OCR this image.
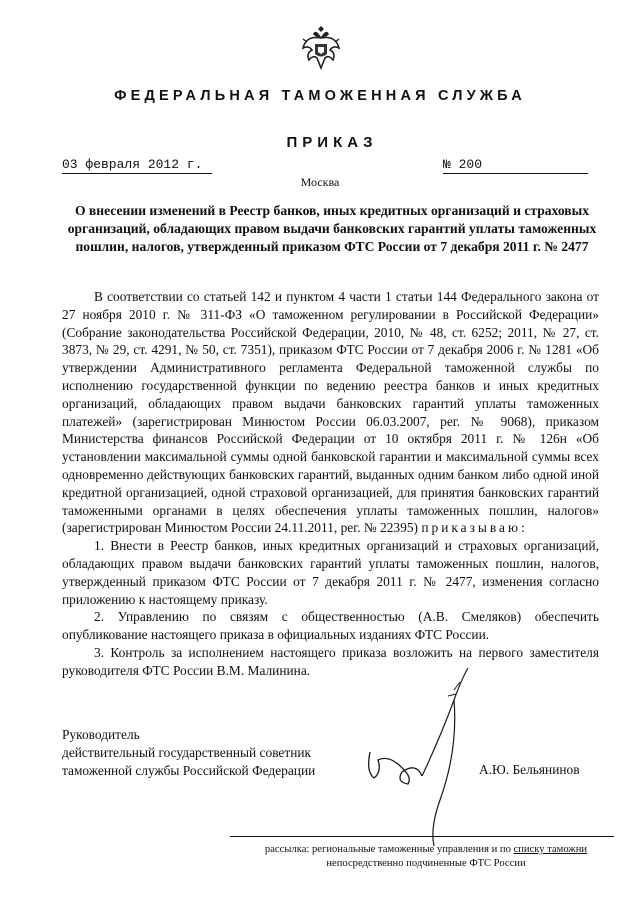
ФЕДЕРАЛЬНАЯ ТАМОЖЕННАЯ СЛУЖБА
ПРИКАЗ
03 февраля 2012 г.	№ 200
Москва
О внесении изменений в Реестр банков, иных кредитных организаций и страховых организаций, обладающих правом выдачи банковских гарантий уплаты таможенных пошлин, налогов, утвержденный приказом ФТС России от 7 декабря 2011 г. № 2477

В соответствии со статьей 142 и пунктом 4 части 1 статьи 144 Федерального закона от 27 ноября 2010 г. № 311-ФЗ «О таможенном регулировании в Российской Федерации» (Собрание законодательства Российской Федерации, 2010, № 48, ст. 6252; 2011, № 27, ст. 3873, № 29, ст. 4291, № 50, ст. 7351), приказом ФТС России от 7 декабря 2006 г. № 1281 «Об утверждении Административного регламента Федеральной таможенной службы по исполнению государственной функции по ведению реестра банков и иных кредитных организаций, обладающих правом выдачи банковских гарантий уплаты таможенных платежей» (зарегистрирован Минюстом России 06.03.2007, рег. № 9068), приказом Министерства финансов Российской Федерации от 10 октября 2011 г. № 126н «Об установлении максимальной суммы одной банковской гарантии и максимальной суммы всех одновременно действующих банковских гарантий, выданных одним банком либо одной иной кредитной организацией, одной страховой организацией, для принятия банковских гарантий таможенными органами в целях обеспечения уплаты таможенных пошлин, налогов» (зарегистрирован Минюстом России 24.11.2011, рег. № 22395) приказываю:

1. Внести в Реестр банков, иных кредитных организаций и страховых организаций, обладающих правом выдачи банковских гарантий уплаты таможенных пошлин, налогов, утвержденный приказом ФТС России от 7 декабря 2011 г. № 2477, изменения согласно приложению к настоящему приказу.

2. Управлению по связям с общественностью (А.В. Смеляков) обеспечить опубликование настоящего приказа в официальных изданиях ФТС России.

3. Контроль за исполнением настоящего приказа возложить на первого заместителя руководителя ФТС России В.М. Малинина.

Руководитель
действительный государственный советник
таможенной службы Российской Федерации	А.Ю. Бельянинов
рассылка: региональные таможенные управления и по списку таможни
непосредственно подчиненные ФТС России
